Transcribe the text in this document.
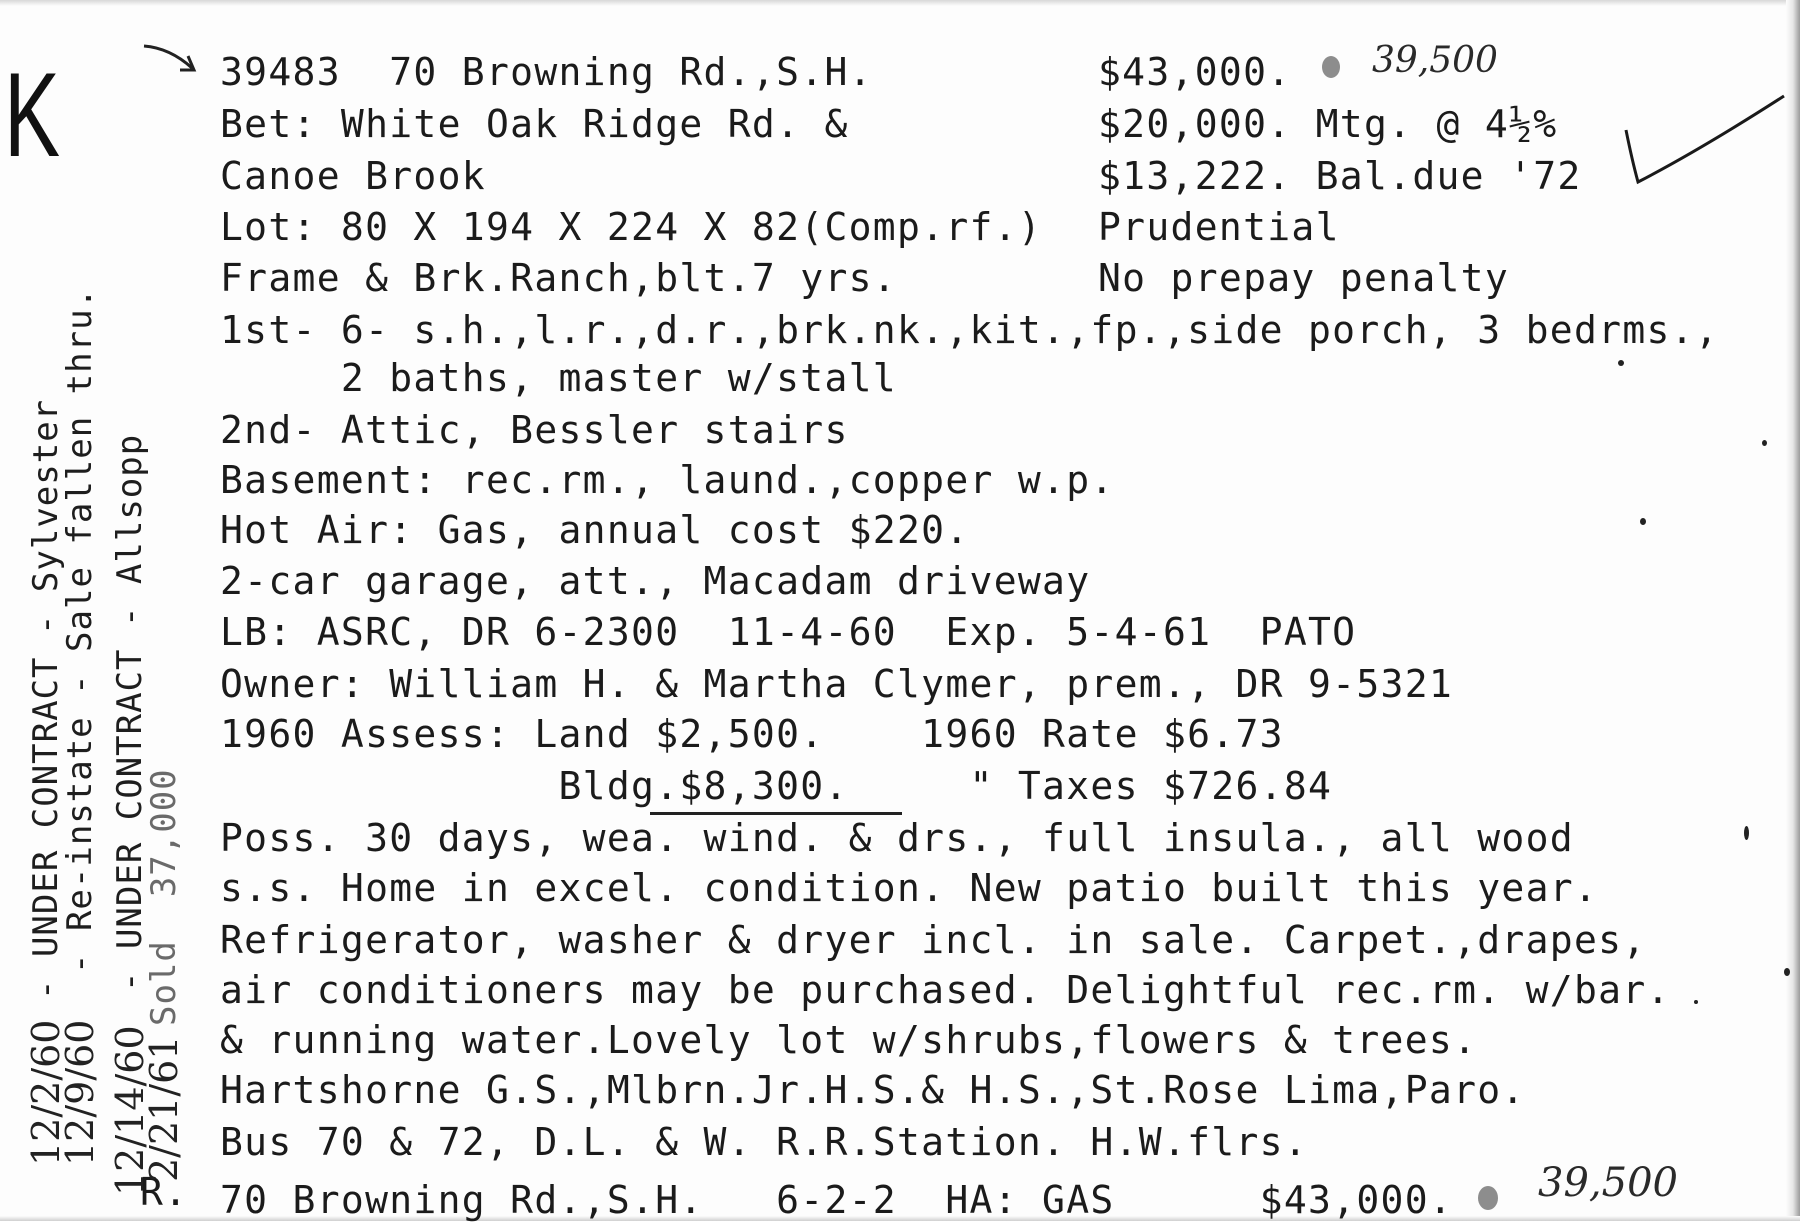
K	39483  70 Browning Rd.,S.H.
Bet: White Oak Ridge Rd. &
Canoe Brook
Lot: 80 X 194 X 224 X 82(Comp.rf.)
Frame & Brk.Ranch,blt.7 yrs.
1st- 6- s.h.,l.r.,d.r.,brk.nk.,kit.,fp.,side porch, 3 bedrms.,
2 baths, master w/stall
2nd- Attic, Bessler stairs
Basement: rec.rm., laund.,copper w.p.
Hot Air: Gas, annual cost $220.
2-car garage, att., Macadam driveway
LB: ASRC, DR 6-2300  11-4-60  Exp. 5-4-61  PATO
Owner: William H. & Martha Clymer, prem., DR 9-5321
1960 Assess: Land $2,500.    1960 Rate $6.73
Bldg.$8,300.     " Taxes $726.84
Poss. 30 days, wea. wind. & drs., full insula., all wood
s.s. Home in excel. condition. New patio built this year.
Refrigerator, washer & dryer incl. in sale. Carpet.,drapes,
air conditioners may be purchased. Delightful rec.rm. w/bar.
& running water.Lovely lot w/shrubs,flowers & trees.
Hartshorne G.S.,Mlbrn.Jr.H.S.& H.S.,St.Rose Lima,Paro.
Bus 70 & 72, D.L. & W. R.R.Station. H.W.flrs.
$43,000.
$20,000. Mtg. @ 4½%
$13,222. Bal.due '72
Prudential
No prepay penalty
39,500
R. 70 Browning Rd.,S.H.   6-2-2  HA: GAS      $43,000. 39,500
12/2/60
- UNDER CONTRACT - Sylvester
12/9/60
- Re-instate - Sale fallen thru.
12/14/60
- UNDER CONTRACT - Allsopp
2/21/61
Sold  37,000
